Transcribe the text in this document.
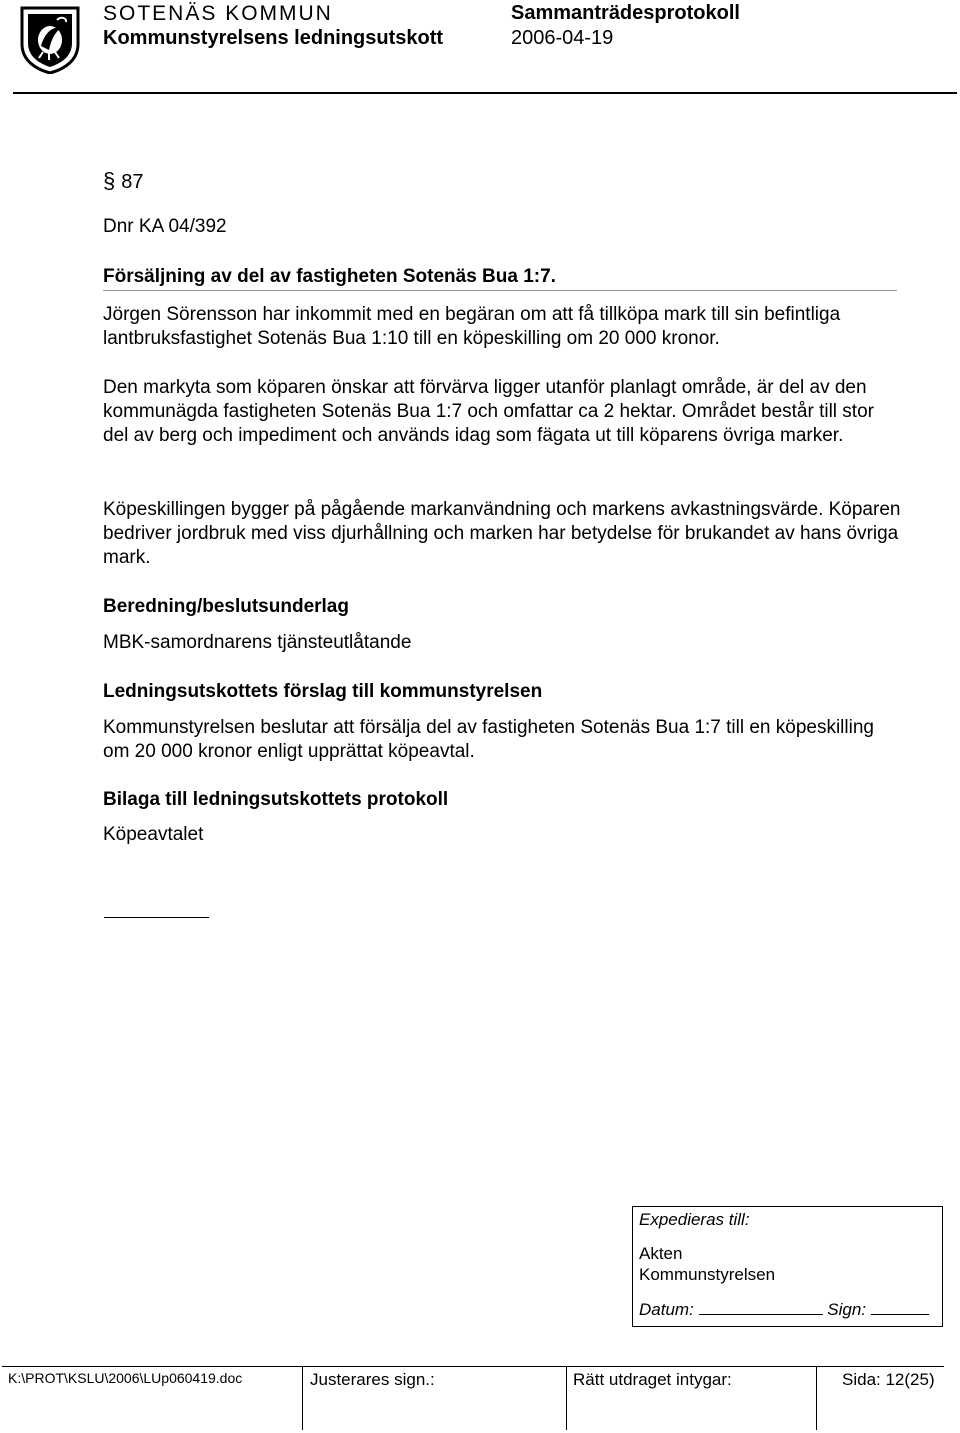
SOTENÄS KOMMUN
Kommunstyrelsens ledningsutskott
Sammanträdesprotokoll
2006-04-19
§ 87
Dnr KA 04/392
Försäljning av del av fastigheten Sotenäs Bua 1:7.
Jörgen Sörensson har inkommit med en begäran om att få tillköpa mark till sin befintliga lantbruksfastighet Sotenäs Bua 1:10 till en köpeskilling om 20 000 kronor.
Den markyta som köparen önskar att förvärva ligger utanför planlagt område, är del av den kommunägda fastigheten Sotenäs Bua 1:7 och omfattar ca 2 hektar. Området består till stor del av berg och impediment och används idag som fägata ut till köparens övriga marker.
Köpeskillingen bygger på pågående markanvändning och markens avkastningsvärde. Köparen bedriver jordbruk med viss djurhållning och marken har betydelse för brukandet av hans övriga mark.
Beredning/beslutsunderlag
MBK-samordnarens tjänsteutlåtande
Ledningsutskottets förslag till kommunstyrelsen
Kommunstyrelsen beslutar att försälja del av fastigheten Sotenäs Bua 1:7 till en köpeskilling om 20 000 kronor enligt upprättat köpeavtal.
Bilaga till ledningsutskottets protokoll
Köpeavtalet
Expedieras till:
Akten
Kommunstyrelsen
Datum:	Sign:
K:\PROT\KSLU\2006\LUp060419.doc	Justerares sign.:	Rätt utdraget intygar:	Sida: 12(25)
